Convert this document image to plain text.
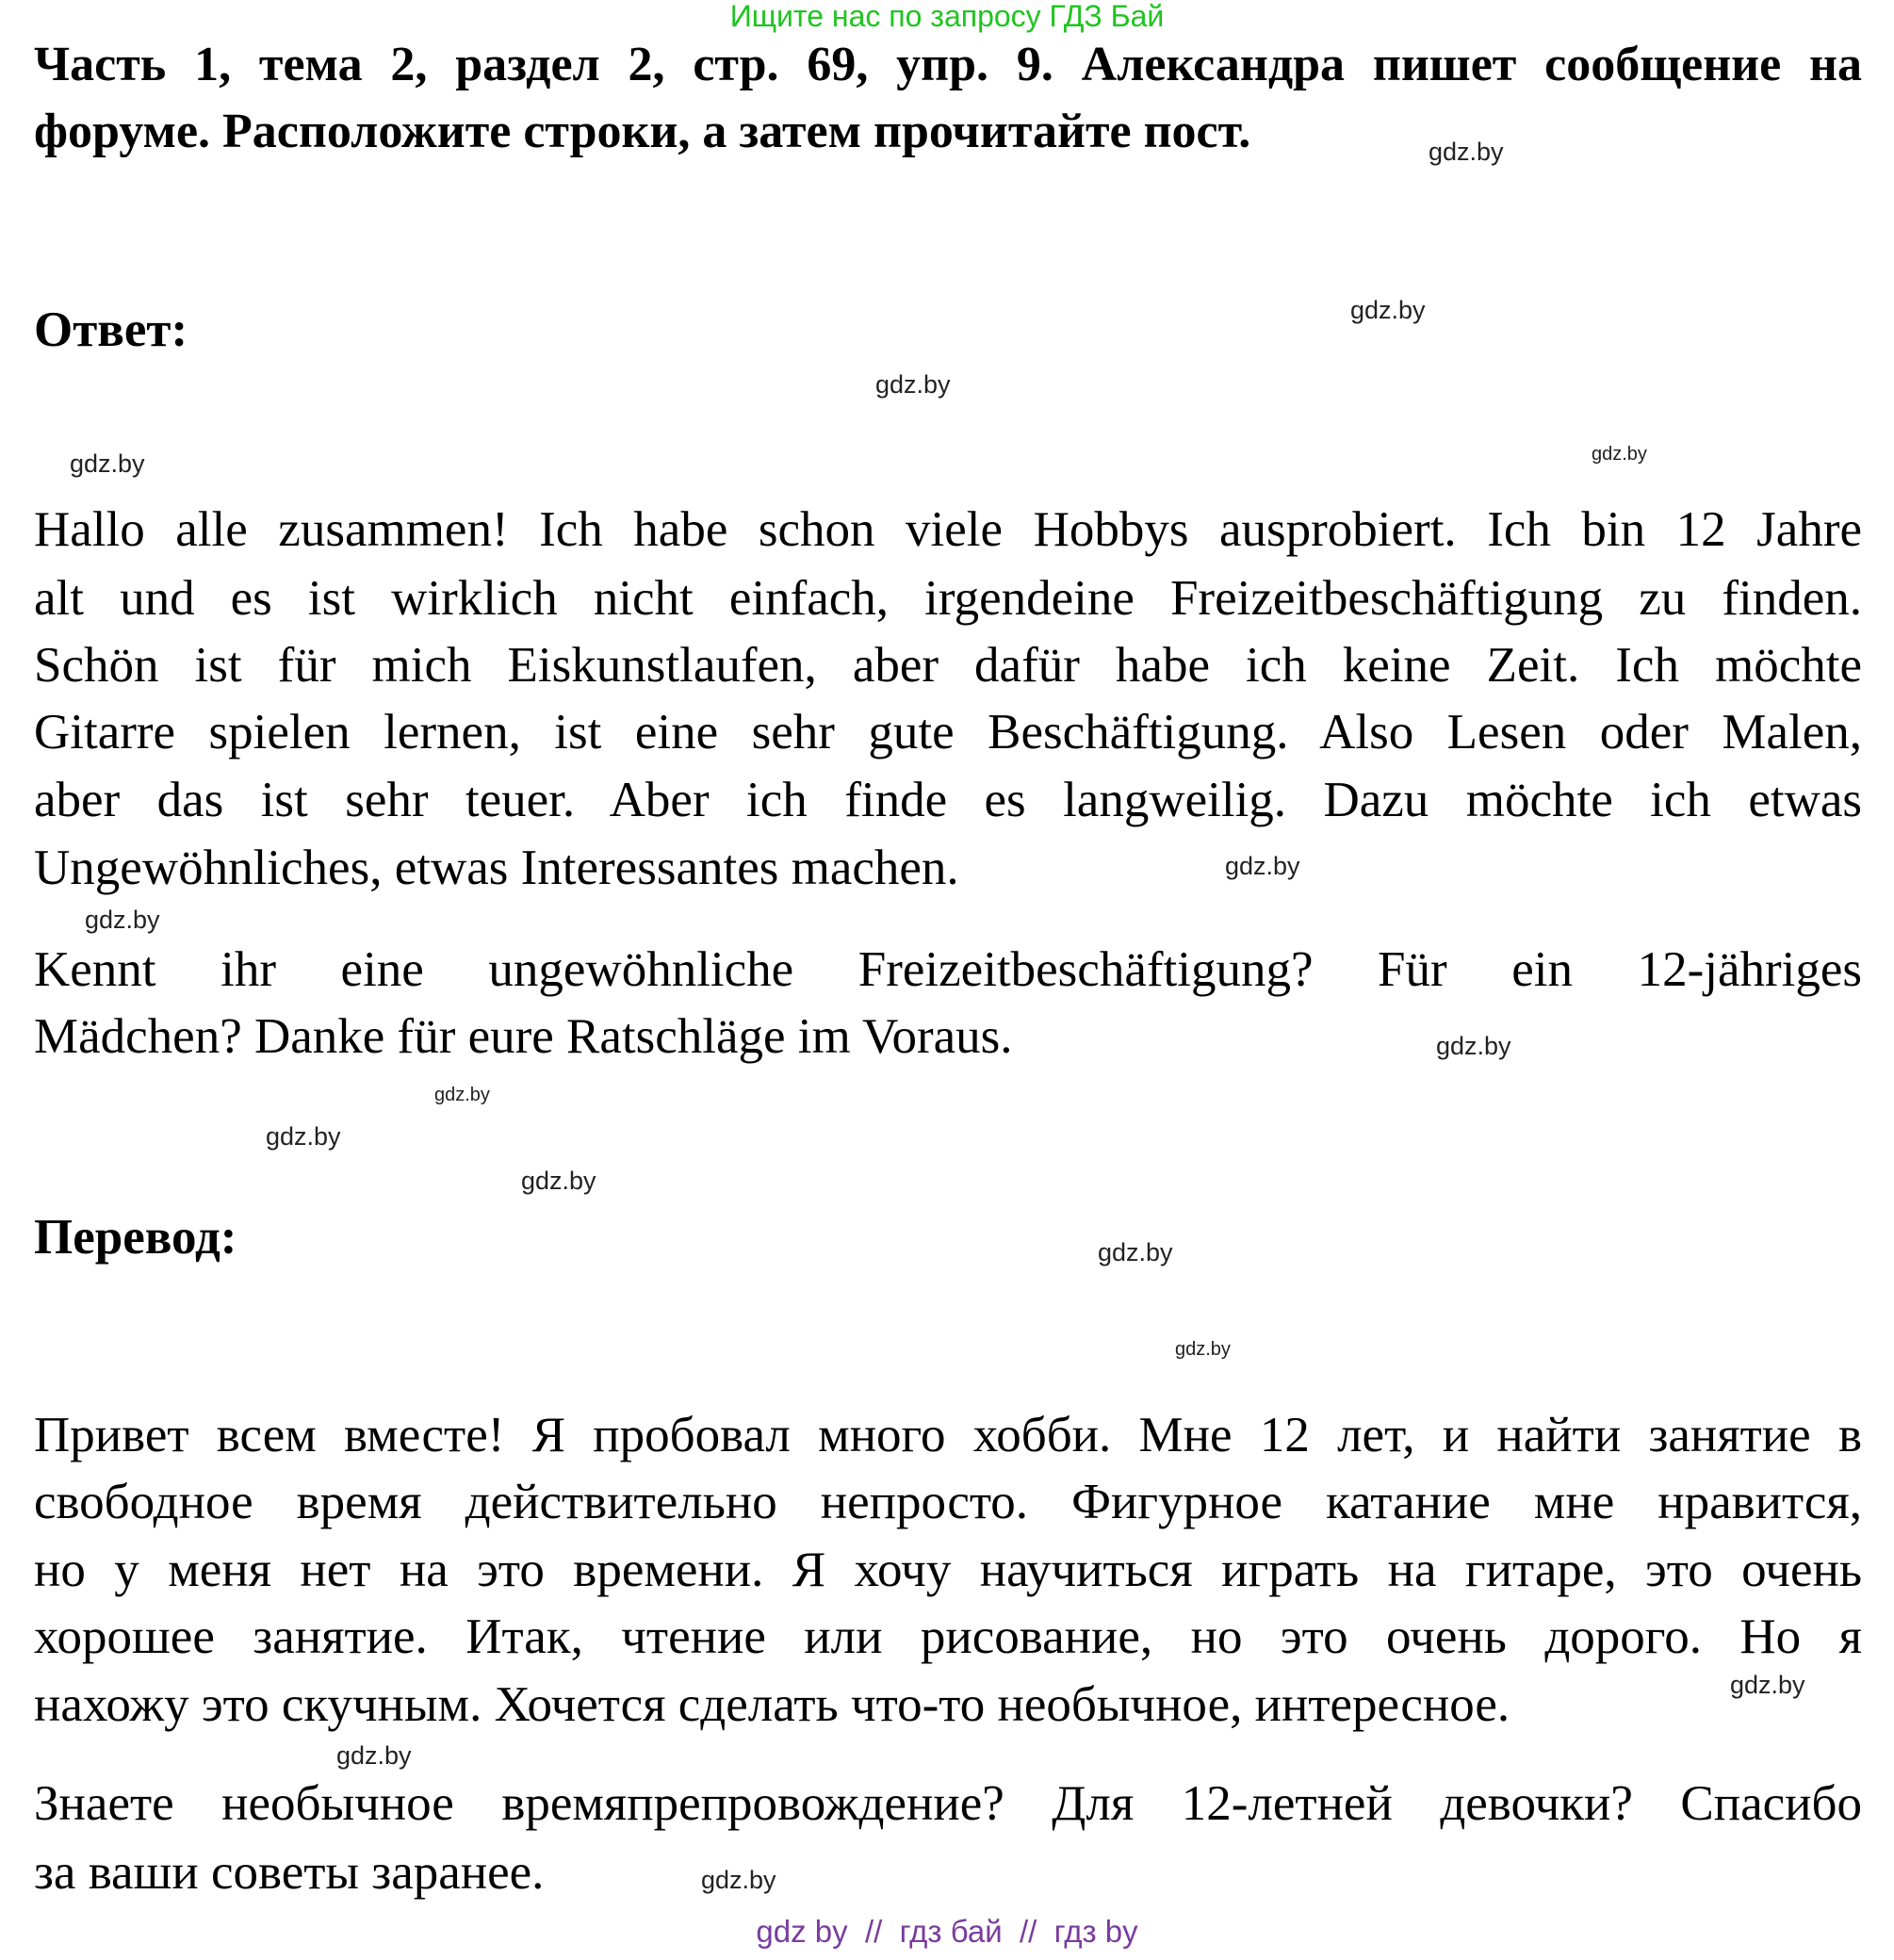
Ищите нас по запросу ГДЗ Бай
Часть 1, тема 2, раздел 2, стр. 69, упр. 9. Александра пишет сообщение на
форуме. Расположите строки, а затем прочитайте пост.
Ответ:
Hallo alle zusammen! Ich habe schon viele Hobbys ausprobiert. Ich bin 12 Jahre
alt und es ist wirklich nicht einfach, irgendeine Freizeitbeschäftigung zu finden.
Schön ist für mich Eiskunstlaufen, aber dafür habe ich keine Zeit. Ich möchte
Gitarre spielen lernen, ist eine sehr gute Beschäftigung. Also Lesen oder Malen,
aber das ist sehr teuer. Aber ich finde es langweilig. Dazu möchte ich etwas
Ungewöhnliches, etwas Interessantes machen.
Kennt ihr eine ungewöhnliche Freizeitbeschäftigung? Für ein 12-jähriges
Mädchen? Danke für eure Ratschläge im Voraus.
Перевод:
Привет всем вместе! Я пробовал много хобби. Мне 12 лет, и найти занятие в
свободное время действительно непросто. Фигурное катание мне нравится,
но у меня нет на это времени. Я хочу научиться играть на гитаре, это очень
хорошее занятие. Итак, чтение или рисование, но это очень дорого. Но я
нахожу это скучным. Хочется сделать что-то необычное, интересное.
Знаете необычное времяпрепровождение? Для 12-летней девочки? Спасибо
за ваши советы заранее.
gdz.by
gdz.by
gdz.by
gdz.by	gdz.by
gdz.by
gdz.by
gdz.by
gdz.by
gdz.by
gdz.by
gdz.by
gdz.by
gdz.by
gdz.by
gdz.by
gdz by  //  гдз бай  //  гдз by
